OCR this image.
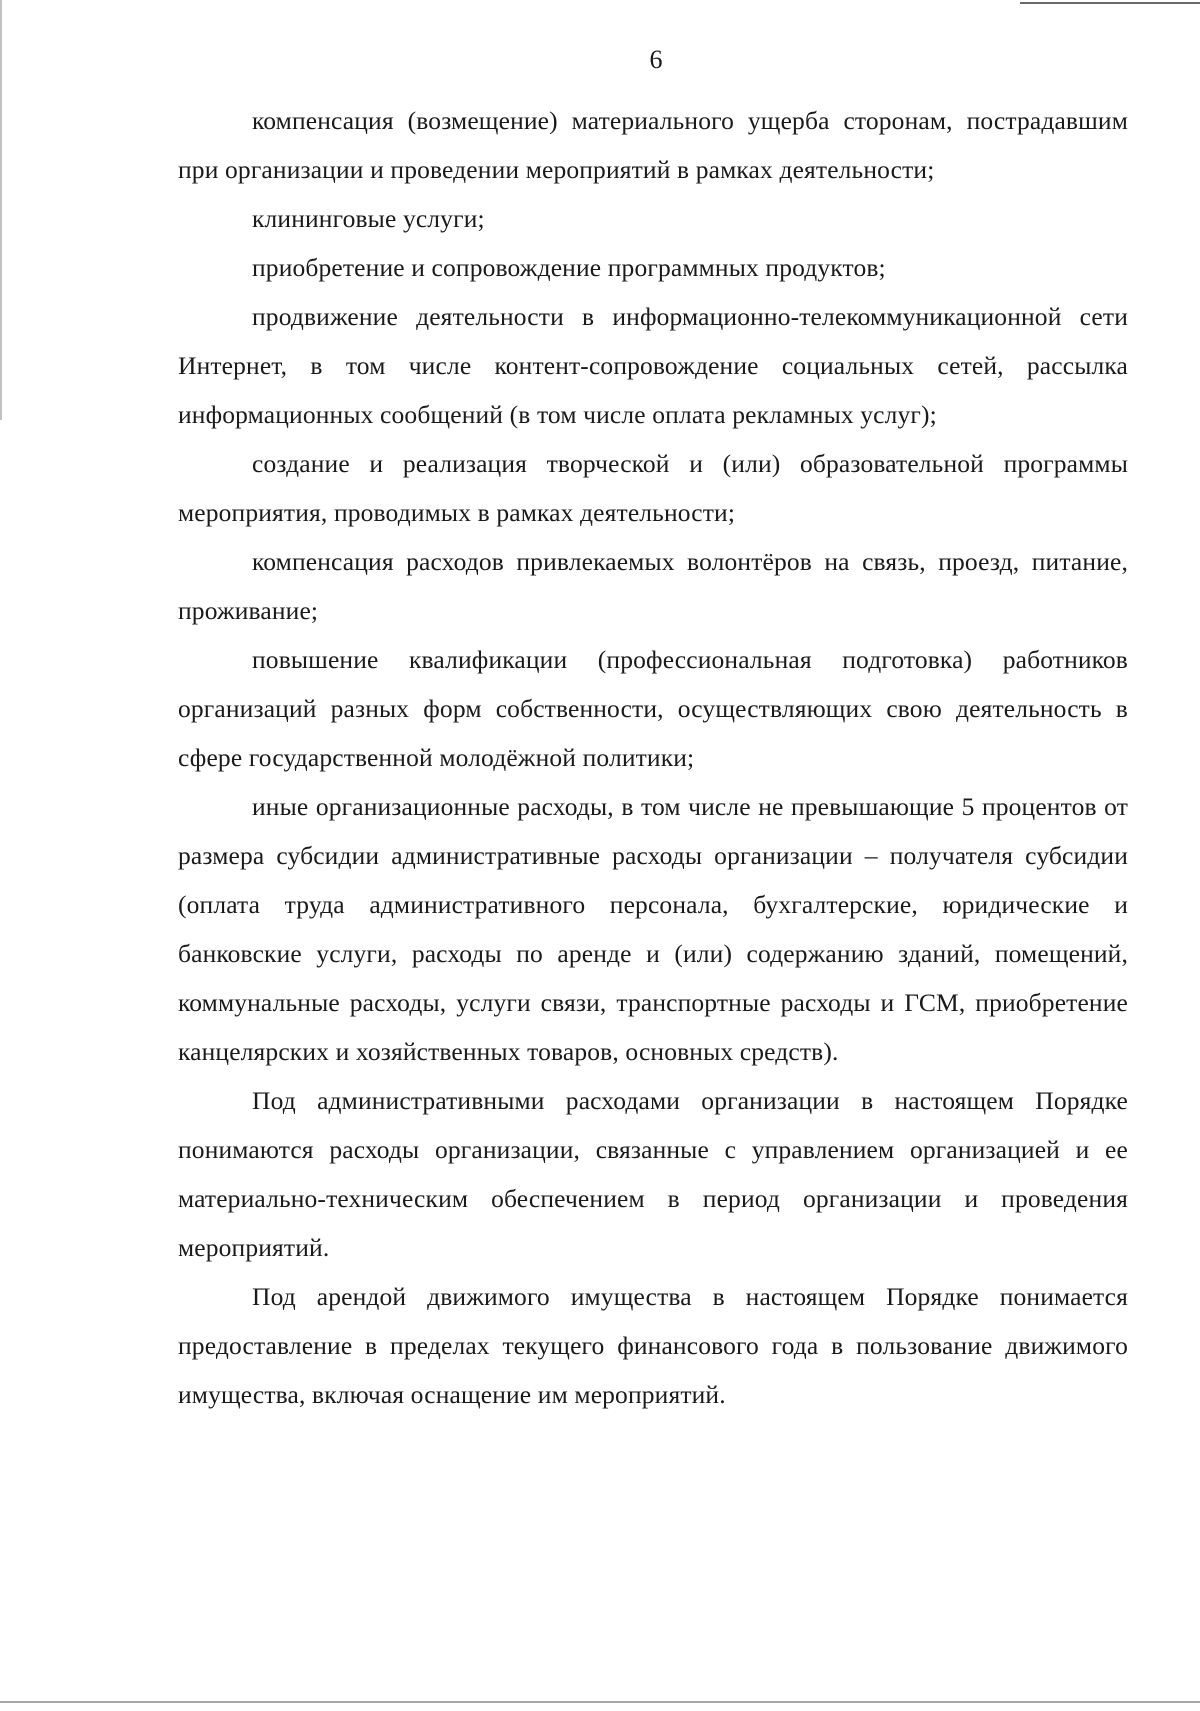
6

компенсация (возмещение) материального ущерба сторонам, пострадавшим при организации и проведении мероприятий в рамках деятельности;

клининговые услуги;

приобретение и сопровождение программных продуктов;

продвижение деятельности в информационно-телекоммуникационной сети Интернет, в том числе контент-сопровождение социальных сетей, рассылка информационных сообщений (в том числе оплата рекламных услуг);

создание и реализация творческой и (или) образовательной программы мероприятия, проводимых в рамках деятельности;

компенсация расходов привлекаемых волонтёров на связь, проезд, питание, проживание;

повышение квалификации (профессиональная подготовка) работников организаций разных форм собственности, осуществляющих свою деятельность в сфере государственной молодёжной политики;

иные организационные расходы, в том числе не превышающие 5 процентов от размера субсидии административные расходы организации – получателя субсидии (оплата труда административного персонала, бухгалтерские, юридические и банковские услуги, расходы по аренде и (или) содержанию зданий, помещений, коммунальные расходы, услуги связи, транспортные расходы и ГСМ, приобретение канцелярских и хозяйственных товаров, основных средств).

Под административными расходами организации в настоящем Порядке понимаются расходы организации, связанные с управлением организацией и ее материально-техническим обеспечением в период организации и проведения мероприятий.

Под арендой движимого имущества в настоящем Порядке понимается предоставление в пределах текущего финансового года в пользование движимого имущества, включая оснащение им мероприятий.
